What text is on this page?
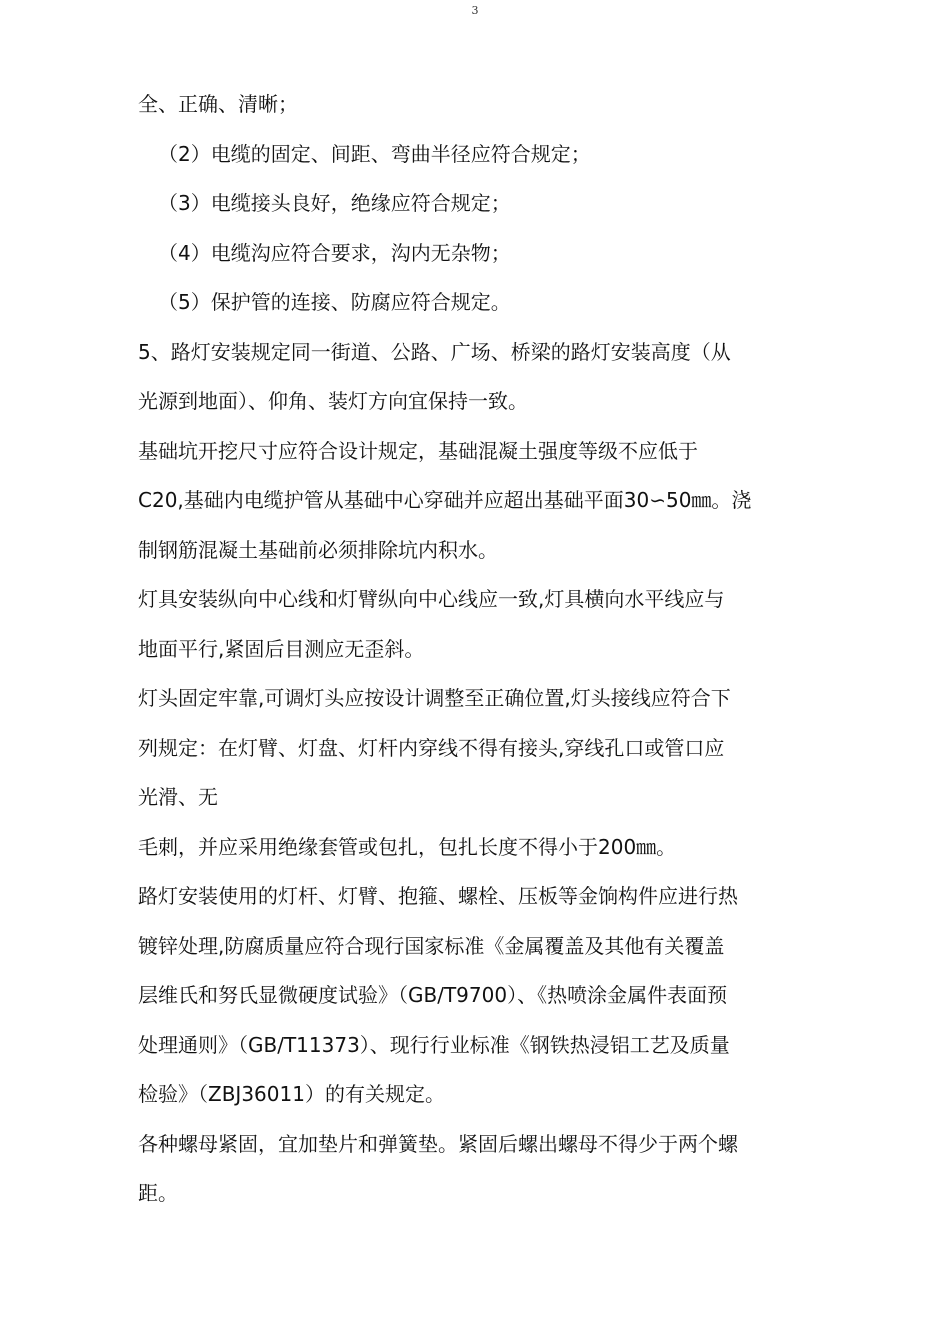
3
全、正确、清晰；
（2）电缆的固定、间距、弯曲半径应符合规定；
（3）电缆接头良好，绝缘应符合规定；
（4）电缆沟应符合要求，沟内无杂物；
（5）保护管的连接、防腐应符合规定。
5、路灯安装规定同一街道、公路、广场、桥梁的路灯安装高度（从
光源到地面）、仰角、装灯方向宜保持一致。
基础坑开挖尺寸应符合设计规定，基础混凝土强度等级不应低于
C20,基础内电缆护管从基础中心穿础并应超出基础平面30∽50㎜。浇
制钢筋混凝土基础前必须排除坑内积水。
灯具安装纵向中心线和灯臂纵向中心线应一致,灯具横向水平线应与
地面平行,紧固后目测应无歪斜。
灯头固定牢靠,可调灯头应按设计调整至正确位置,灯头接线应符合下
列规定：在灯臂、灯盘、灯杆内穿线不得有接头,穿线孔口或管口应
光滑、无
毛刺，并应采用绝缘套管或包扎，包扎长度不得小于200㎜。
路灯安装使用的灯杆、灯臂、抱箍、螺栓、压板等金饷构件应进行热
镀锌处理,防腐质量应符合现行国家标准《金属覆盖及其他有关覆盖
层维氏和努氏显微硬度试验》（GB/T9700）、《热喷涂金属件表面预
处理通则》（GB/T11373）、现行行业标准《钢铁热浸铝工艺及质量
检验》（ZBJ36011）的有关规定。
各种螺母紧固，宜加垫片和弹簧垫。紧固后螺出螺母不得少于两个螺
距。
